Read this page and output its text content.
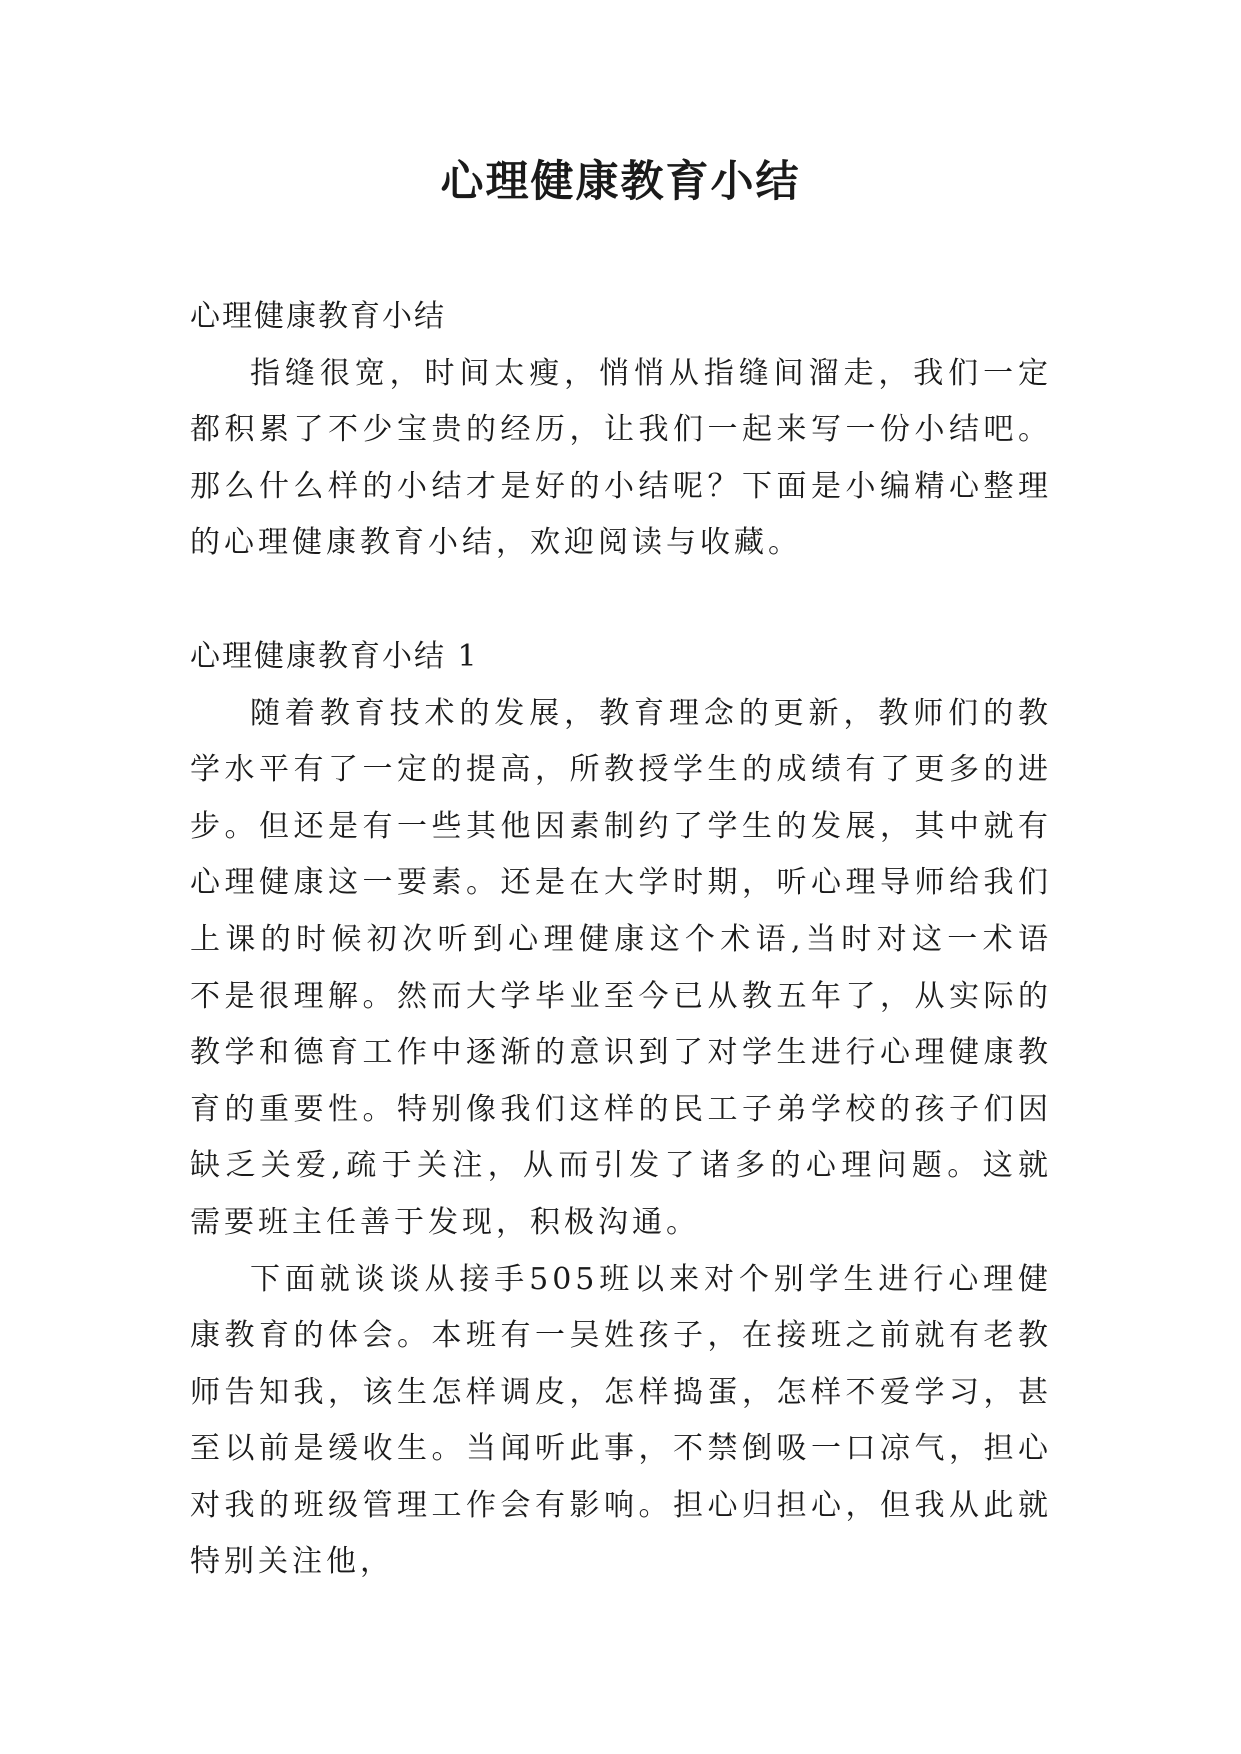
心理健康教育小结

心理健康教育小结

指缝很宽，时间太瘦，悄悄从指缝间溜走，我们一定都积累了不少宝贵的经历，让我们一起来写一份小结吧。那么什么样的小结才是好的小结呢？下面是小编精心整理的心理健康教育小结，欢迎阅读与收藏。

心理健康教育小结 1

随着教育技术的发展，教育理念的更新，教师们的教学水平有了一定的提高，所教授学生的成绩有了更多的进步。但还是有一些其他因素制约了学生的发展，其中就有心理健康这一要素。还是在大学时期，听心理导师给我们上课的时候初次听到心理健康这个术语,当时对这一术语不是很理解。然而大学毕业至今已从教五年了，从实际的教学和德育工作中逐渐的意识到了对学生进行心理健康教育的重要性。特别像我们这样的民工子弟学校的孩子们因缺乏关爱,疏于关注，从而引发了诸多的心理问题。这就需要班主任善于发现，积极沟通。

下面就谈谈从接手505班以来对个别学生进行心理健康教育的体会。本班有一吴姓孩子，在接班之前就有老教师告知我，该生怎样调皮，怎样捣蛋，怎样不爱学习，甚至以前是缓收生。当闻听此事，不禁倒吸一口凉气，担心对我的班级管理工作会有影响。担心归担心，但我从此就特别关注他，
